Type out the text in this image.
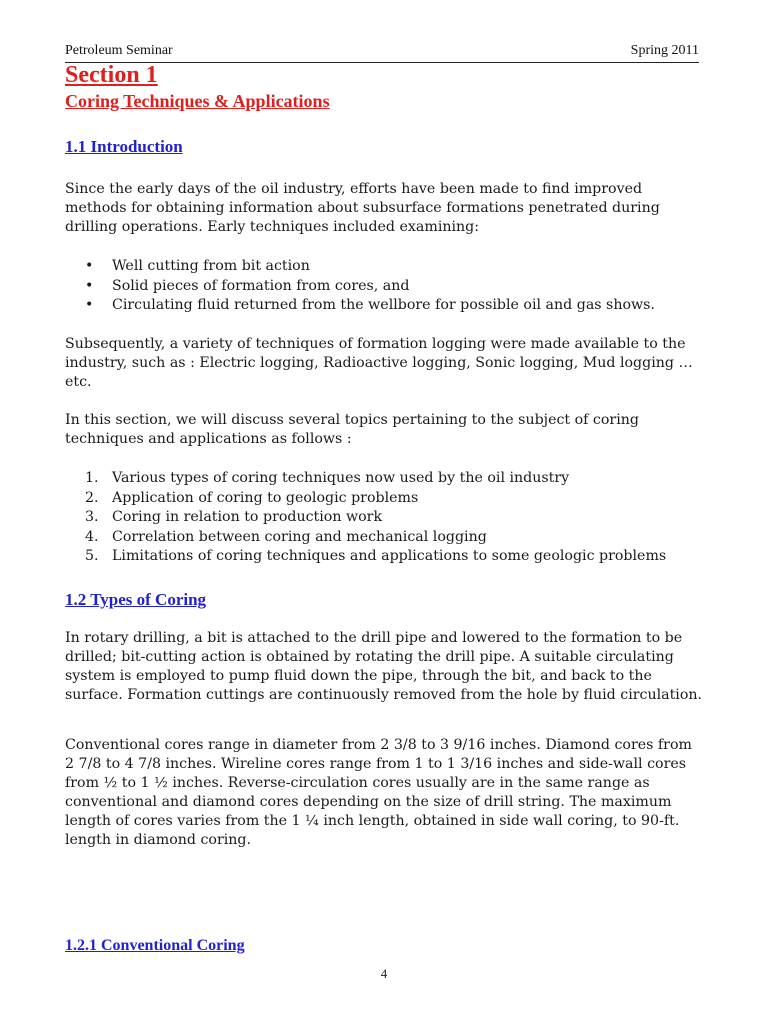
Petroleum Seminar	Spring 2011
Section 1
Coring Techniques & Applications
1.1 Introduction

Since the early days of the oil industry, efforts have been made to find improved methods for obtaining information about subsurface formations penetrated during drilling operations. Early techniques included examining:

•	Well cutting from bit action
•	Solid pieces of formation from cores, and
•	Circulating fluid returned from the wellbore for possible oil and gas shows.

Subsequently, a variety of techniques of formation logging were made available to the industry, such as : Electric logging, Radioactive logging, Sonic logging, Mud logging …etc.

In this section, we will discuss several topics pertaining to the subject of coring techniques and applications as follows :

1. Various types of coring techniques now used by the oil industry
2. Application of coring to geologic problems
3. Coring in relation to production work
4. Correlation between coring and mechanical logging
5. Limitations of coring techniques and applications to some geologic problems
1.2 Types of Coring

In rotary drilling, a bit is attached to the drill pipe and lowered to the formation to be drilled; bit-cutting action is obtained by rotating the drill pipe. A suitable circulating system is employed to pump fluid down the pipe, through the bit, and back to the surface. Formation cuttings are continuously removed from the hole by fluid circulation.

Conventional cores range in diameter from 2 3/8 to 3 9/16 inches. Diamond cores from 2 7/8 to 4 7/8 inches. Wireline cores range from 1 to 1 3/16 inches and side-wall cores from ½ to 1 ½ inches. Reverse-circulation cores usually are in the same range as conventional and diamond cores depending on the size of drill string. The maximum length of cores varies from the 1 ¼ inch length, obtained in side wall coring, to 90-ft. length in diamond coring.

1.2.1 Conventional Coring
4
